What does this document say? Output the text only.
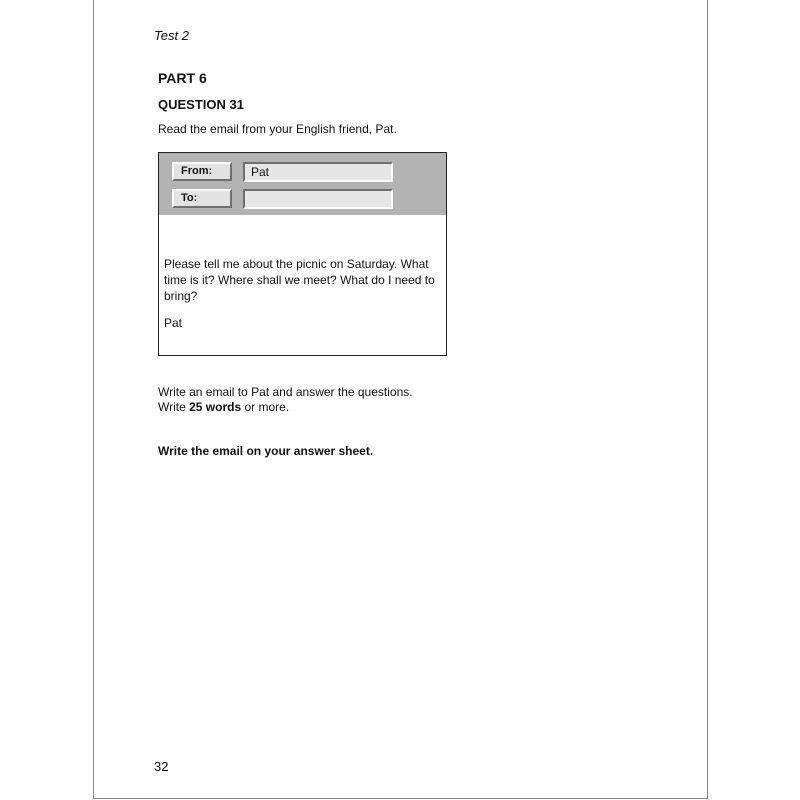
Test 2
PART 6
QUESTION 31
Read the email from your English friend, Pat.
From:	Pat
To:
Please tell me about the picnic on Saturday. What time is it? Where shall we meet? What do I need to bring?
Pat
Write an email to Pat and answer the questions.
Write 25 words or more.
Write the email on your answer sheet.
32
